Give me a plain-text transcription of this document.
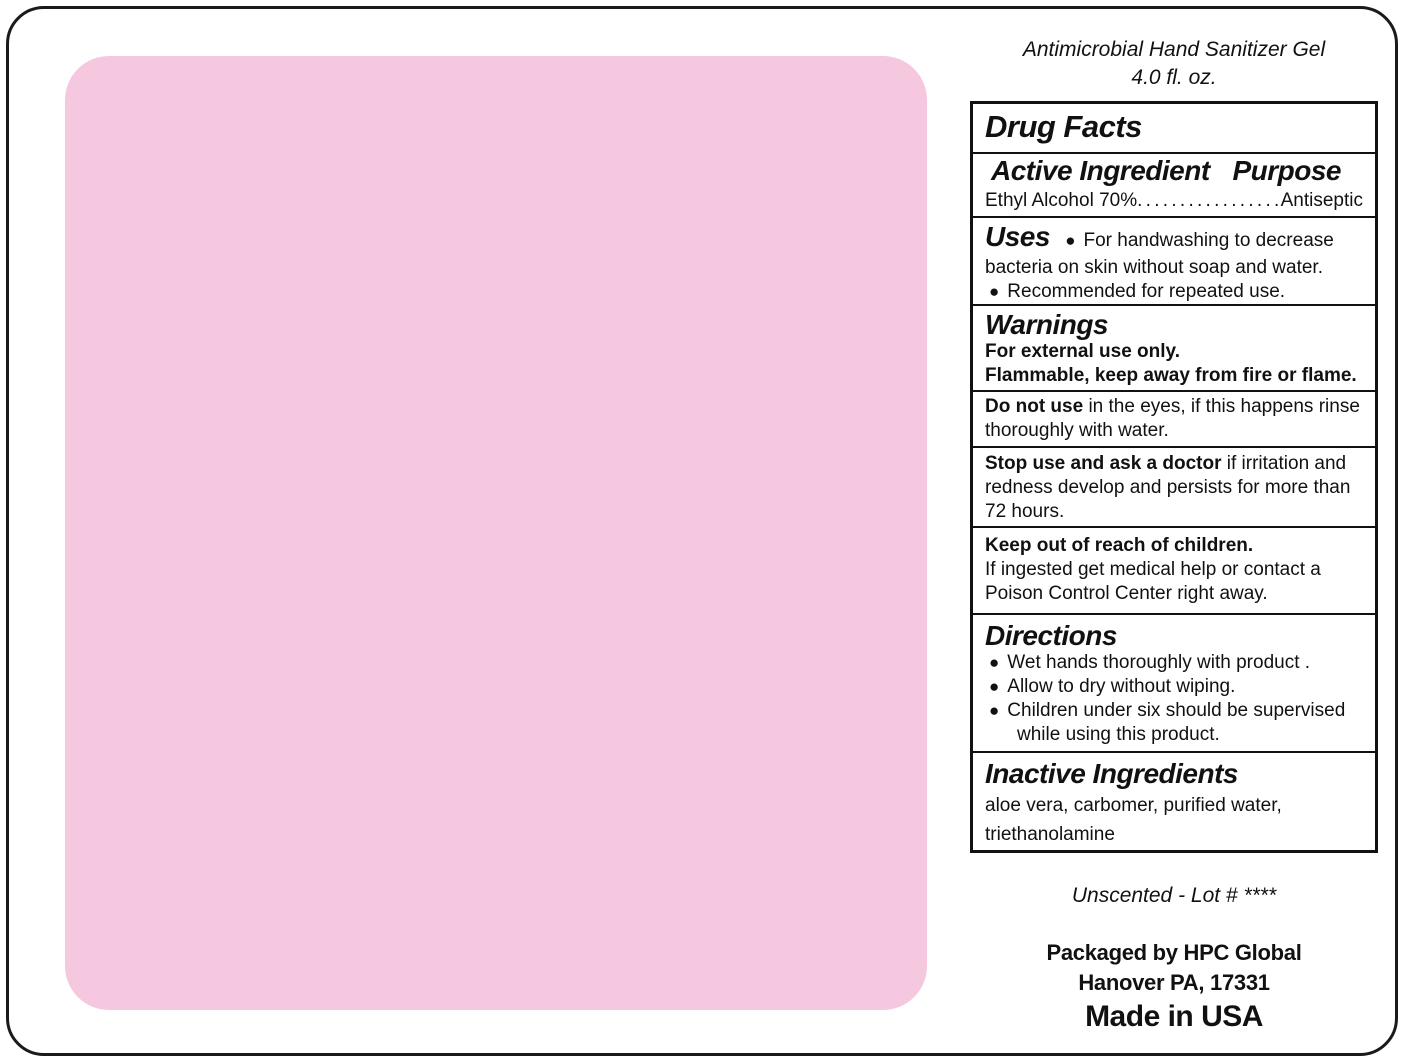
Antimicrobial Hand Sanitizer Gel
4.0 fl. oz.
Drug Facts
Active Ingredient Purpose
Ethyl Alcohol 70% . . .	Antiseptic
Uses ● For handwashing to decrease
bacteria on skin without soap and water.
● Recommended for repeated use.
Warnings
For external use only.
Flammable, keep away from fire or flame.
Do not use in the eyes, if this happens rinse
thoroughly with water.
Stop use and ask a doctor if irritation and
redness develop and persists for more than
72 hours.
Keep out of reach of children.
If ingested get medical help or contact a
Poison Control Center right away.
Directions
● Wet hands thoroughly with product .
● Allow to dry without wiping.
● Children under six should be supervised
while using this product.
Inactive Ingredients
aloe vera, carbomer, purified water,
triethanolamine
Unscented - Lot # ****
Packaged by HPC Global
Hanover PA, 17331
Made in USA
